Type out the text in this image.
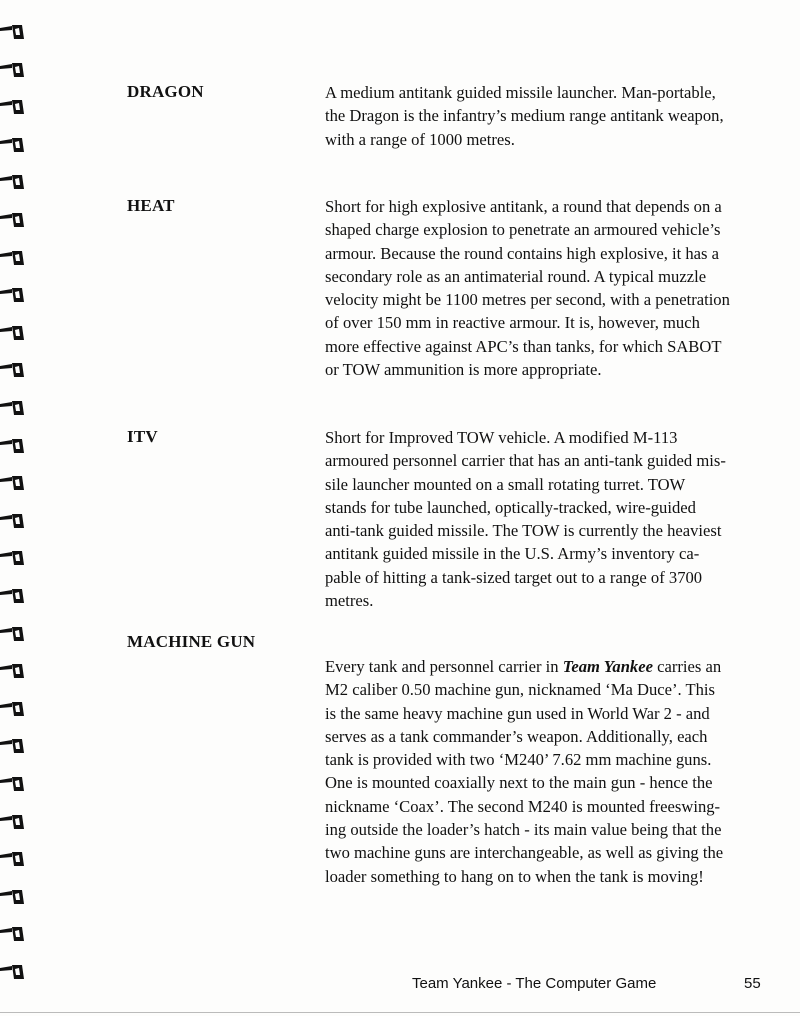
DRAGON	A medium antitank guided missile launcher. Man-portable,
the Dragon is the infantry’s medium range antitank weapon,
with a range of 1000 metres.
HEAT	Short for high explosive antitank, a round that depends on a
shaped charge explosion to penetrate an armoured vehicle’s
armour. Because the round contains high explosive, it has a
secondary role as an antimaterial round. A typical muzzle
velocity might be 1100 metres per second, with a penetration
of over 150 mm in reactive armour. It is, however, much
more effective against APC’s than tanks, for which SABOT
or TOW ammunition is more appropriate.
ITV	Short for Improved TOW vehicle. A modified M-113
armoured personnel carrier that has an anti-tank guided mis-
sile launcher mounted on a small rotating turret. TOW
stands for tube launched, optically-tracked, wire-guided
anti-tank guided missile. The TOW is currently the heaviest
antitank guided missile in the U.S. Army’s inventory ca-
pable of hitting a tank-sized target out to a range of 3700
metres.
MACHINE GUN
Every tank and personnel carrier in Team Yankee carries an
M2 caliber 0.50 machine gun, nicknamed ‘Ma Duce’. This
is the same heavy machine gun used in World War 2 - and
serves as a tank commander’s weapon. Additionally, each
tank is provided with two ‘M240’ 7.62 mm machine guns.
One is mounted coaxially next to the main gun - hence the
nickname ‘Coax’. The second M240 is mounted freeswing-
ing outside the loader’s hatch - its main value being that the
two machine guns are interchangeable, as well as giving the
loader something to hang on to when the tank is moving!
Team Yankee - The Computer Game	55
